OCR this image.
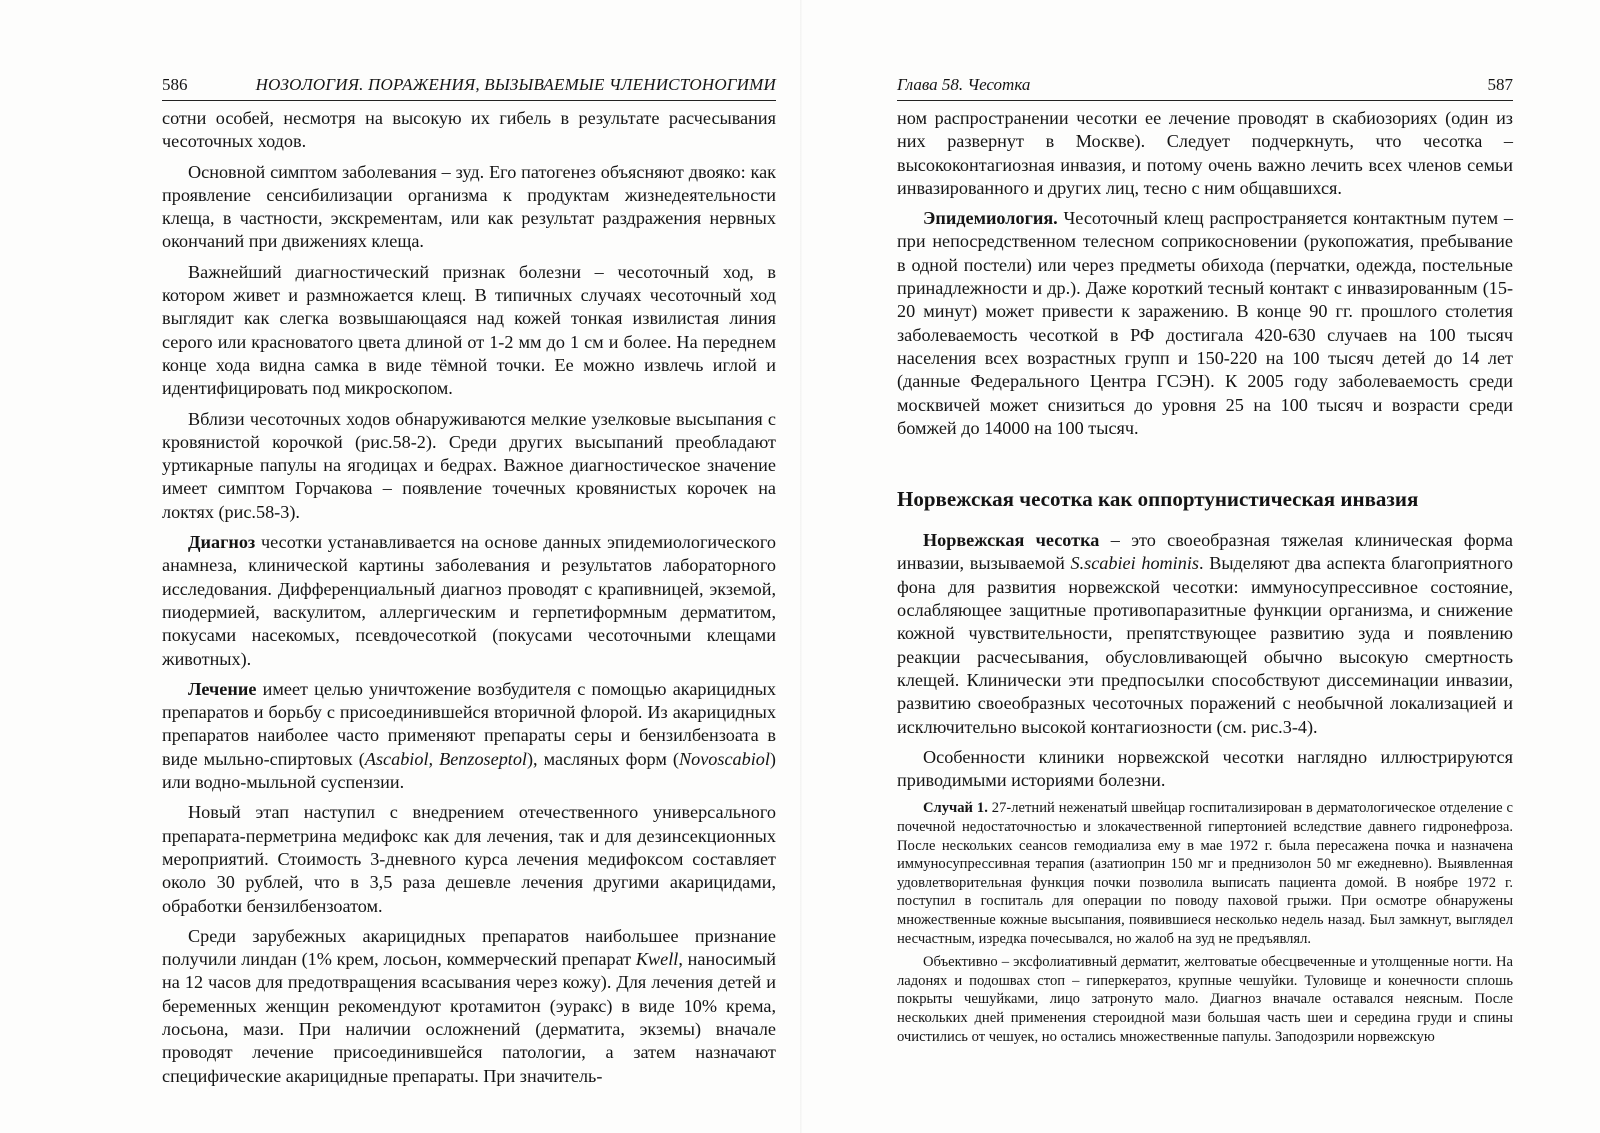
586	НОЗОЛОГИЯ. ПОРАЖЕНИЯ, ВЫЗЫВАЕМЫЕ ЧЛЕНИСТОНОГИМИ

сотни особей, несмотря на высокую их гибель в результате расчесывания чесоточных ходов.

Основной симптом заболевания – зуд. Его патогенез объясняют двояко: как проявление сенсибилизации организма к продуктам жизнедеятельности клеща, в частности, экскрементам, или как результат раздражения нервных окончаний при движениях клеща.

Важнейший диагностический признак болезни – чесоточный ход, в котором живет и размножается клещ. В типичных случаях чесоточный ход выглядит как слегка возвышающаяся над кожей тонкая извилистая линия серого или красноватого цвета длиной от 1-2 мм до 1 см и более. На переднем конце хода видна самка в виде тёмной точки. Ее можно извлечь иглой и идентифицировать под микроскопом.

Вблизи чесоточных ходов обнаруживаются мелкие узелковые высыпания с кровянистой корочкой (рис.58-2). Среди других высыпаний преобладают уртикарные папулы на ягодицах и бедрах. Важное диагностическое значение имеет симптом Горчакова – появление точечных кровянистых корочек на локтях (рис.58-3).

Диагноз чесотки устанавливается на основе данных эпидемиологического анамнеза, клинической картины заболевания и результатов лабораторного исследования. Дифференциальный диагноз проводят с крапивницей, экземой, пиодермией, васкулитом, аллергическим и герпетиформным дерматитом, покусами насекомых, псевдочесоткой (покусами чесоточными клещами животных).

Лечение имеет целью уничтожение возбудителя с помощью акарицидных препаратов и борьбу с присоединившейся вторичной флорой. Из акарицидных препаратов наиболее часто применяют препараты серы и бензилбензоата в виде мыльно-спиртовых (Ascabiol, Benzoseptol), масляных форм (Novoscabiol) или водно-мыльной суспензии.

Новый этап наступил с внедрением отечественного универсального препарата-перметрина медифокс как для лечения, так и для дезинсекционных мероприятий. Стоимость 3-дневного курса лечения медифоксом составляет около 30 рублей, что в 3,5 раза дешевле лечения другими акарицидами, обработки бензилбензоатом.

Среди зарубежных акарицидных препаратов наибольшее признание получили линдан (1% крем, лосьон, коммерческий препарат Kwell, наносимый на 12 часов для предотвращения всасывания через кожу). Для лечения детей и беременных женщин рекомендуют кротамитон (эуракс) в виде 10% крема, лосьона, мази. При наличии осложнений (дерматита, экземы) вначале проводят лечение присоединившейся патологии, а затем назначают специфические акарицидные препараты. При значитель-

Глава 58. Чесотка	587

ном распространении чесотки ее лечение проводят в скабиозориях (один из них развернут в Москве). Следует подчеркнуть, что чесотка – высококонтагиозная инвазия, и потому очень важно лечить всех членов семьи инвазированного и других лиц, тесно с ним общавшихся.

Эпидемиология. Чесоточный клещ распространяется контактным путем – при непосредственном телесном соприкосновении (рукопожатия, пребывание в одной постели) или через предметы обихода (перчатки, одежда, постельные принадлежности и др.). Даже короткий тесный контакт с инвазированным (15-20 минут) может привести к заражению. В конце 90 гг. прошлого столетия заболеваемость чесоткой в РФ достигала 420-630 случаев на 100 тысяч населения всех возрастных групп и 150-220 на 100 тысяч детей до 14 лет (данные Федерального Центра ГСЭН). К 2005 году заболеваемость среди москвичей может снизиться до уровня 25 на 100 тысяч и возрасти среди бомжей до 14000 на 100 тысяч.

Норвежская чесотка как оппортунистическая инвазия

Норвежская чесотка – это своеобразная тяжелая клиническая форма инвазии, вызываемой S.scabiei hominis. Выделяют два аспекта благоприятного фона для развития норвежской чесотки: иммуносупрессивное состояние, ослабляющее защитные противопаразитные функции организма, и снижение кожной чувствительности, препятствующее развитию зуда и появлению реакции расчесывания, обусловливающей обычно высокую смертность клещей. Клинически эти предпосылки способствуют диссеминации инвазии, развитию своеобразных чесоточных поражений с необычной локализацией и исключительно высокой контагиозности (см. рис.3-4).

Особенности клиники норвежской чесотки наглядно иллюстрируются приводимыми историями болезни.

Случай 1. 27-летний неженатый швейцар госпитализирован в дерматологическое отделение с почечной недостаточностью и злокачественной гипертонией вследствие давнего гидронефроза. После нескольких сеансов гемодиализа ему в мае 1972 г. была пересажена почка и назначена иммуносупрессивная терапия (азатиоприн 150 мг и преднизолон 50 мг ежедневно). Выявленная удовлетворительная функция почки позволила выписать пациента домой. В ноябре 1972 г. поступил в госпиталь для операции по поводу паховой грыжи. При осмотре обнаружены множественные кожные высыпания, появившиеся несколько недель назад. Был замкнут, выглядел несчастным, изредка почесывался, но жалоб на зуд не предъявлял.

Объективно – эксфолиативный дерматит, желтоватые обесцвеченные и утолщенные ногти. На ладонях и подошвах стоп – гиперкератоз, крупные чешуйки. Туловище и конечности сплошь покрыты чешуйками, лицо затронуто мало. Диагноз вначале оставался неясным. После нескольких дней применения стероидной мази большая часть шеи и середина груди и спины очистились от чешуек, но остались множественные папулы. Заподозрили норвежскую
